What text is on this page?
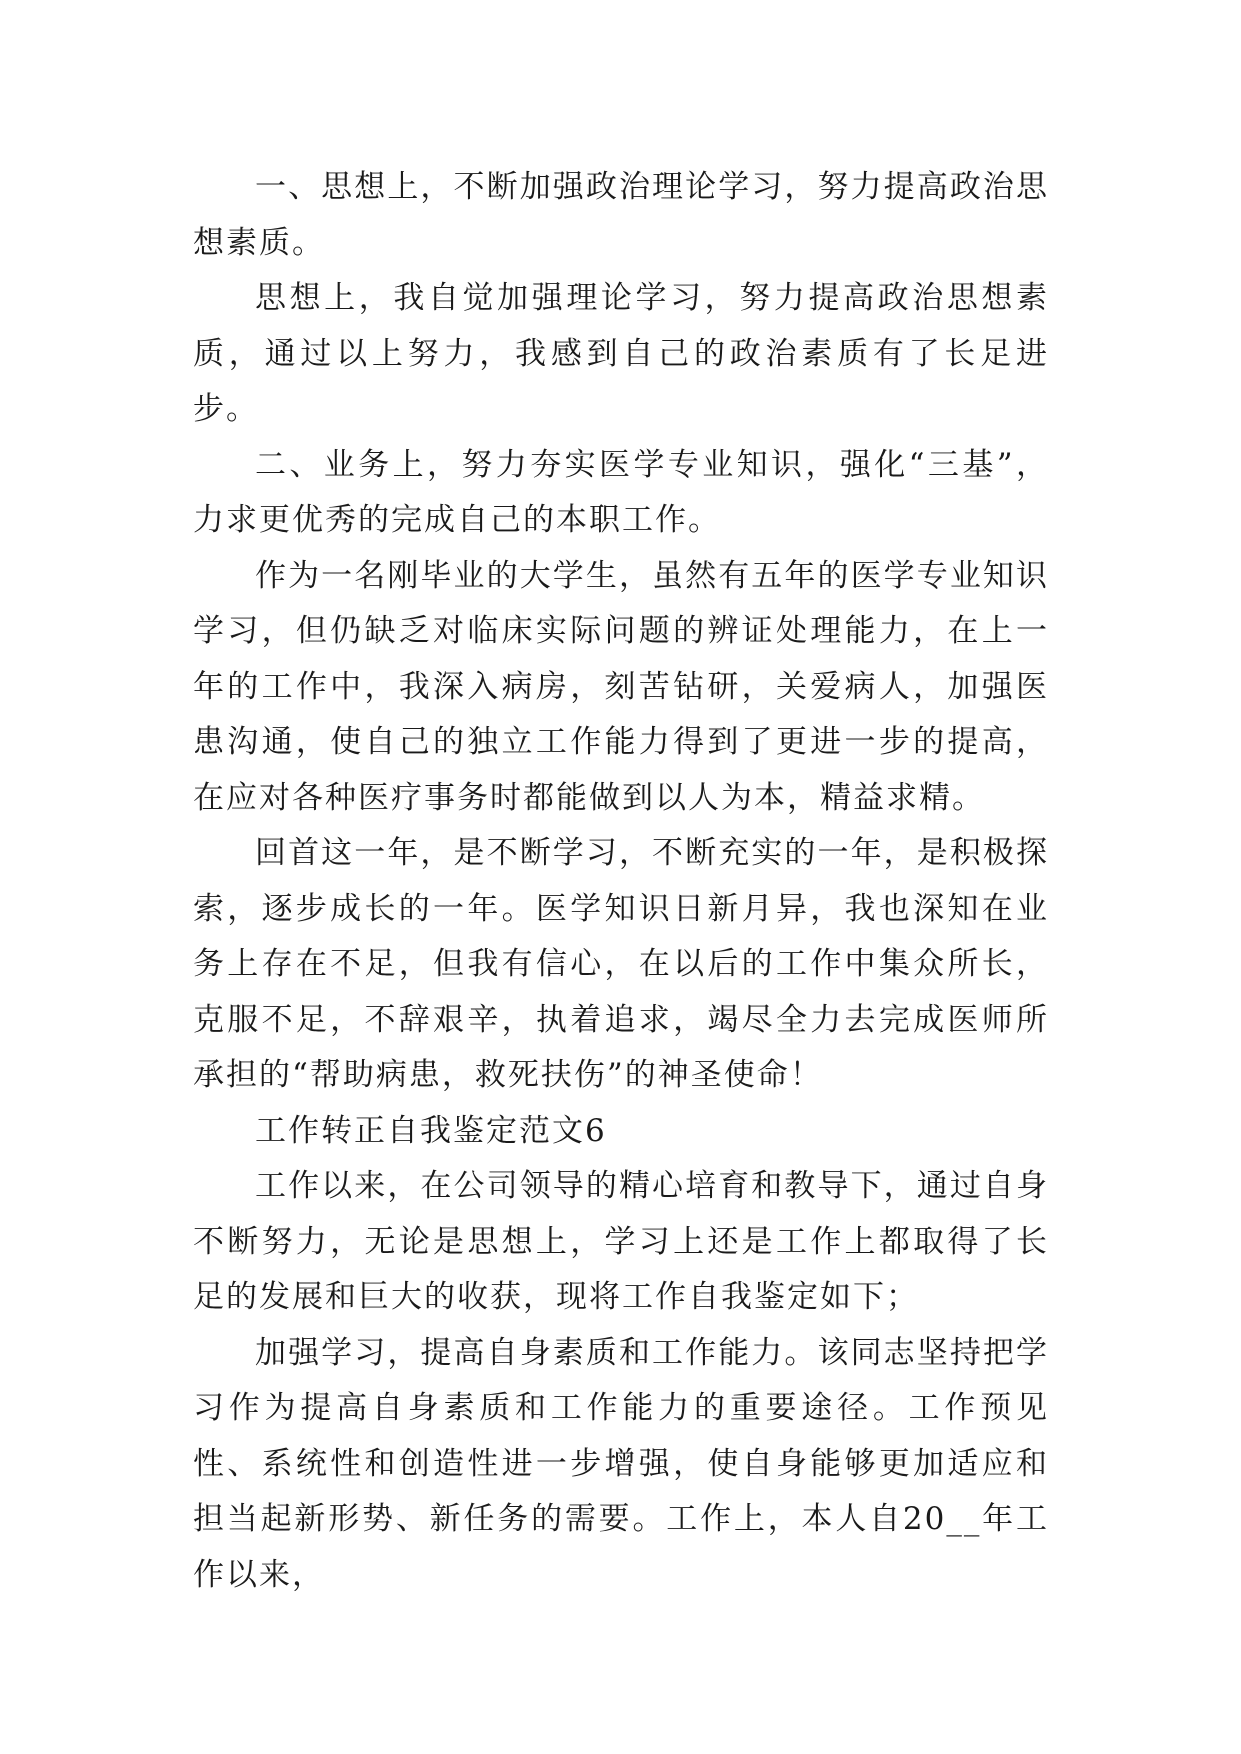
一、思想上，不断加强政治理论学习，努力提高政治思想素质。

思想上，我自觉加强理论学习，努力提高政治思想素质，通过以上努力，我感到自己的政治素质有了长足进步。

二、业务上，努力夯实医学专业知识，强化“三基”，力求更优秀的完成自己的本职工作。

作为一名刚毕业的大学生，虽然有五年的医学专业知识学习，但仍缺乏对临床实际问题的辨证处理能力，在上一年的工作中，我深入病房，刻苦钻研，关爱病人，加强医患沟通，使自己的独立工作能力得到了更进一步的提高，在应对各种医疗事务时都能做到以人为本，精益求精。

回首这一年，是不断学习，不断充实的一年，是积极探索，逐步成长的一年。医学知识日新月异，我也深知在业务上存在不足，但我有信心，在以后的工作中集众所长，克服不足，不辞艰辛，执着追求，竭尽全力去完成医师所承担的“帮助病患，救死扶伤”的神圣使命！

工作转正自我鉴定范文6

工作以来，在公司领导的精心培育和教导下，通过自身不断努力，无论是思想上，学习上还是工作上都取得了长足的发展和巨大的收获，现将工作自我鉴定如下；

加强学习，提高自身素质和工作能力。该同志坚持把学习作为提高自身素质和工作能力的重要途径。工作预见性、系统性和创造性进一步增强，使自身能够更加适应和担当起新形势、新任务的需要。工作上，本人自20__年工作以来，
